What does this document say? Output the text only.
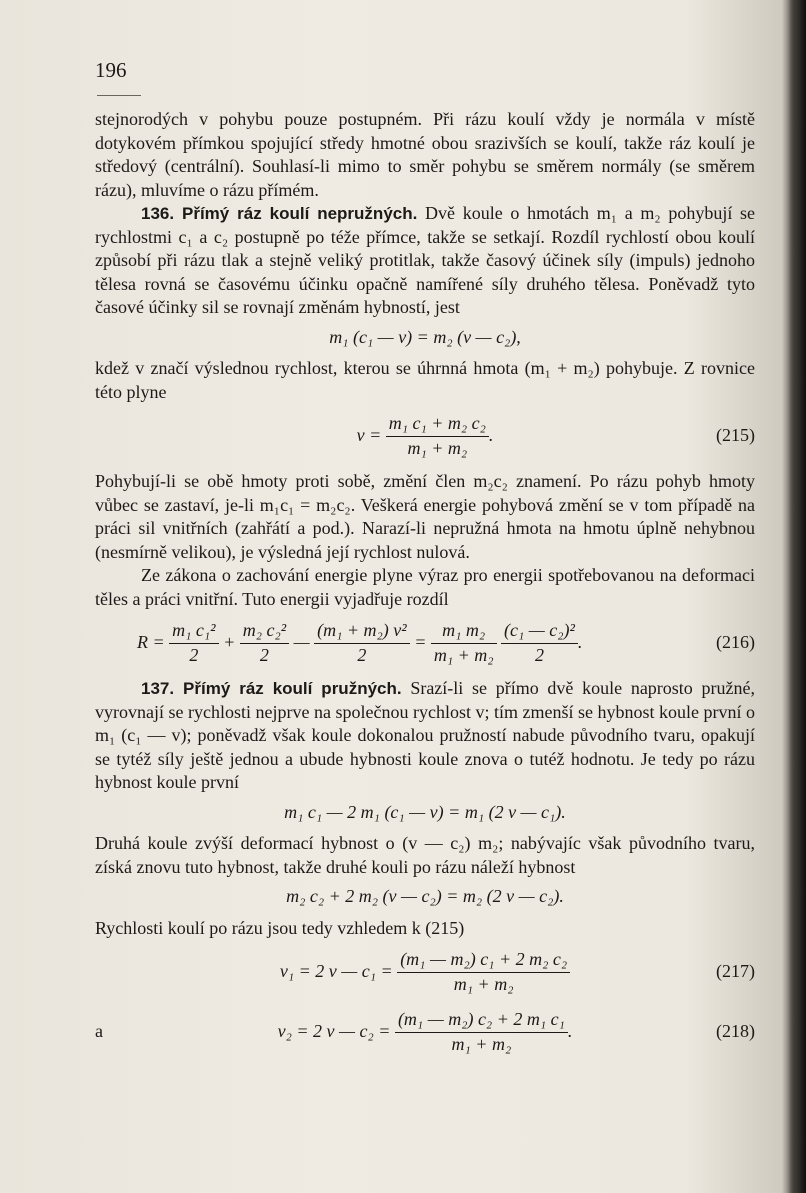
196

stejnorodých v pohybu pouze postupném. Při rázu koulí vždy je normála v místě dotykovém přímkou spojující středy hmotné obou srazivších se koulí, takže ráz koulí je středový (centrální). Souhlasí-li mimo to směr pohybu se směrem normály (se směrem rázu), mluvíme o rázu přímém.

136. Přímý ráz koulí nepružných. Dvě koule o hmotách m₁ a m₂ pohybují se rychlostmi c₁ a c₂ postupně po téže přímce, takže se setkají. Rozdíl rychlostí obou koulí způsobí při rázu tlak a stejně veliký protitlak, takže časový účinek síly (impuls) jednoho tělesa rovná se časovému účinku opačně namířené síly druhého tělesa. Poněvadž tyto časové účinky sil se rovnají změnám hybností, jest

m₁ (c₁ — v) = m₂ (v — c₂),

kdež v značí výslednou rychlost, kterou se úhrnná hmota (m₁ + m₂) pohybuje. Z rovnice této plyne

v =
$\frac{\text{m₁ c₁ + m₂ c₂}}{\text{m₁ + m₂}}$ .	(215)

Pohybují-li se obě hmoty proti sobě, změní člen m₂c₂ znamení. Po rázu pohyb hmoty vůbec se zastaví, je-li m₁c₁ = m₂c₂. Veškerá energie pohybová změní se v tom případě na práci sil vnitřních (zahřátí a pod.). Narazí-li nepružná hmota na hmotu úplně nehybnou (nesmírně velikou), je výsledná její rychlost nulová.

Ze zákona o zachování energie plyne výraz pro energii spotřebovanou na deformaci těles a práci vnitřní. Tuto energii vyjadřuje rozdíl

R =
$\frac{\text{m₁ c₁²}}{2} + \frac{\text{m₂ c₂²}}{2}$ — $\frac{\text{(m₁ + m₂) v²}}{2} = \frac{\text{m₁ m₂}}{\text{m₁ + m₂}}$
$\frac{\text{(c₁ — c₂)²}}{2}$ .	(216)

137. Přímý ráz koulí pružných. Srazí-li se přímo dvě koule naprosto pružné, vyrovnají se rychlosti nejprve na společnou rychlost v; tím zmenší se hybnost koule první o m₁ (c₁ — v); poněvadž však koule dokonalou pružností nabude původního tvaru, opakují se tytéž síly ještě jednou a ubude hybnosti koule znova o tutéž hodnotu. Je tedy po rázu hybnost koule první

m₁ c₁ — 2 m₁ (c₁ — v) = m₁ (2 v — c₁).

Druhá koule zvýší deformací hybnost o (v — c₂) m₂; nabývajíc však původního tvaru, získá znovu tuto hybnost, takže druhé kouli po rázu náleží hybnost

m₂ c₂ + 2 m₂ (v — c₂) = m₂ (2 v — c₂).

Rychlosti koulí po rázu jsou tedy vzhledem k (215)

v₁ = 2 v — c₁ =
$\frac{\text{(m₁ — m₂) c₁ + 2 m₂ c₂}}{\text{m₁ + m₂}}$	(217)
a	v₂ = 2 v — c₂ =
$\frac{\text{(m₁ — m₂) c₂ + 2 m₁ c₁}}{\text{m₁ + m₂}}$ .	(218)
